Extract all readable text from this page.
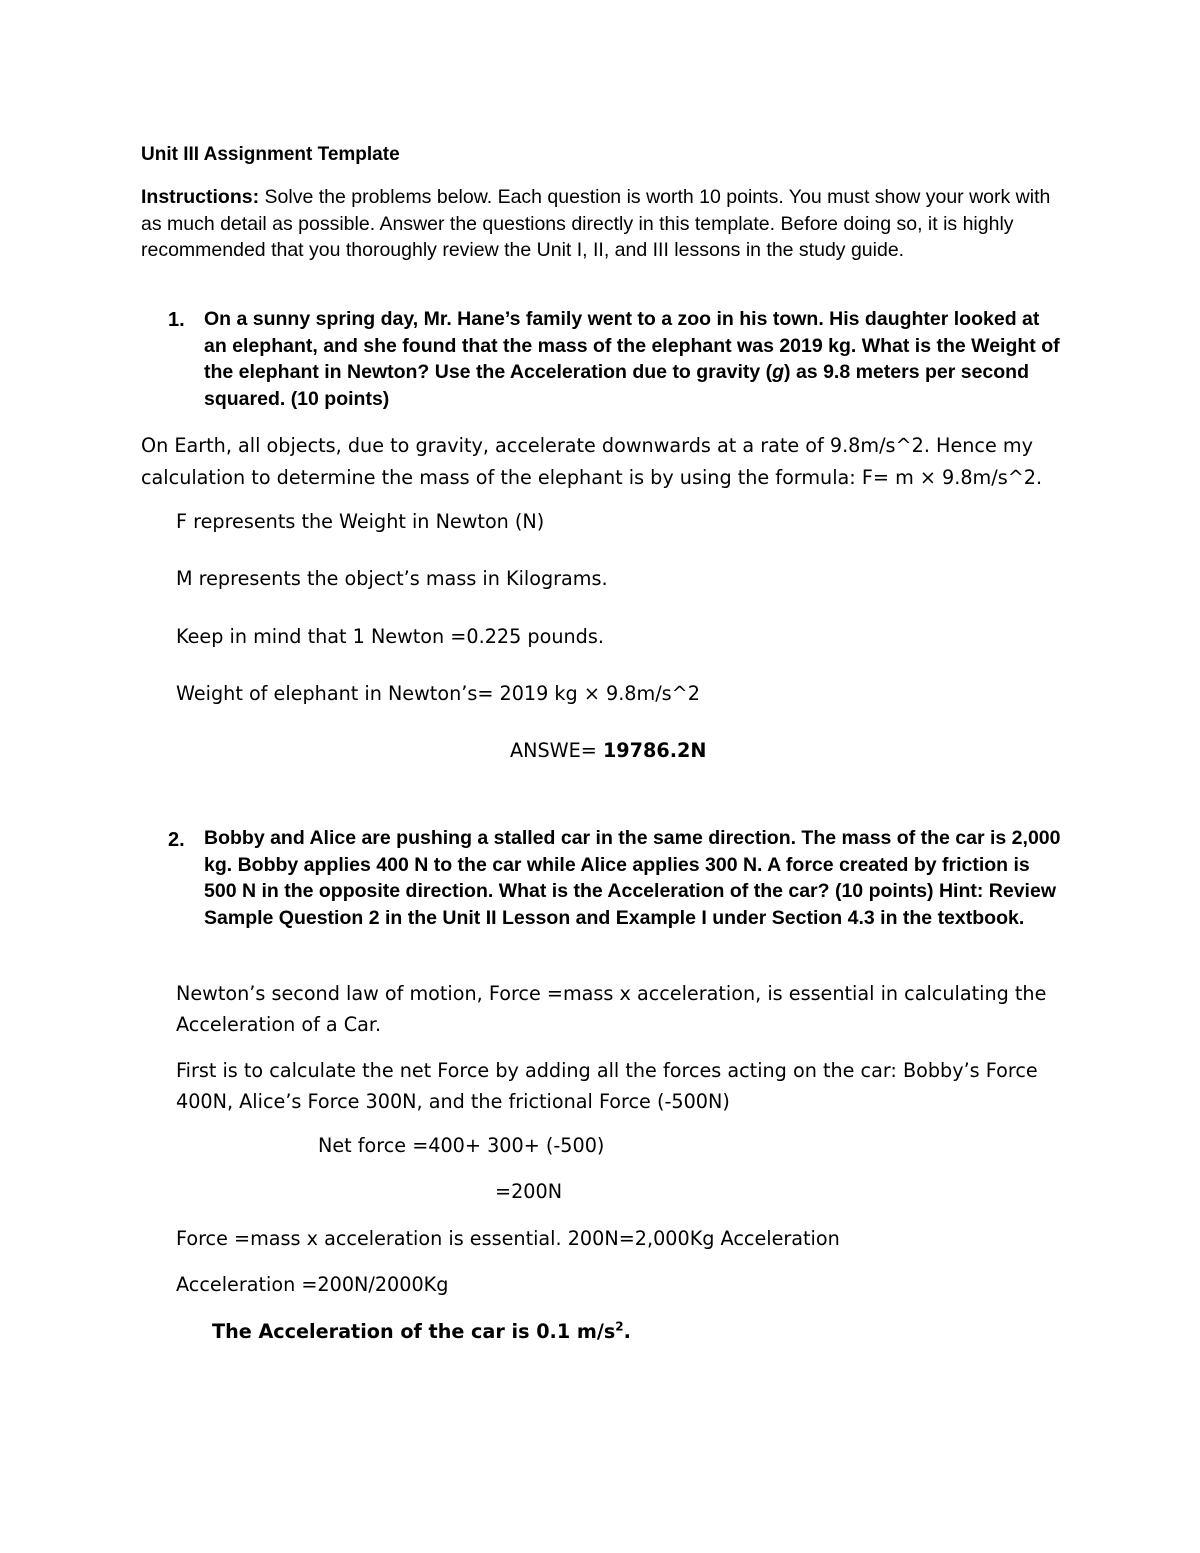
Unit III Assignment Template
Instructions: Solve the problems below. Each question is worth 10 points. You must show your work with as much detail as possible. Answer the questions directly in this template. Before doing so, it is highly recommended that you thoroughly review the Unit I, II, and III lessons in the study guide.
1. On a sunny spring day, Mr. Hane’s family went to a zoo in his town. His daughter looked at an elephant, and she found that the mass of the elephant was 2019 kg. What is the Weight of the elephant in Newton? Use the Acceleration due to gravity (g) as 9.8 meters per second squared. (10 points)
On Earth, all objects, due to gravity, accelerate downwards at a rate of 9.8m/s^2. Hence my calculation to determine the mass of the elephant is by using the formula: F= m × 9.8m/s^2.
F represents the Weight in Newton (N)
M represents the object’s mass in Kilograms.
Keep in mind that 1 Newton =0.225 pounds.
Weight of elephant in Newton’s= 2019 kg × 9.8m/s^2
ANSWE= 19786.2N
2. Bobby and Alice are pushing a stalled car in the same direction. The mass of the car is 2,000 kg. Bobby applies 400 N to the car while Alice applies 300 N. A force created by friction is 500 N in the opposite direction. What is the Acceleration of the car? (10 points) Hint: Review Sample Question 2 in the Unit II Lesson and Example I under Section 4.3 in the textbook.
Newton’s second law of motion, Force =mass x acceleration, is essential in calculating the Acceleration of a Car.
First is to calculate the net Force by adding all the forces acting on the car: Bobby’s Force 400N, Alice’s Force 300N, and the frictional Force (-500N)
Net force =400+ 300+ (-500)
=200N
Force =mass x acceleration is essential. 200N=2,000Kg Acceleration
Acceleration =200N/2000Kg
The Acceleration of the car is 0.1 $m/s^2$.
